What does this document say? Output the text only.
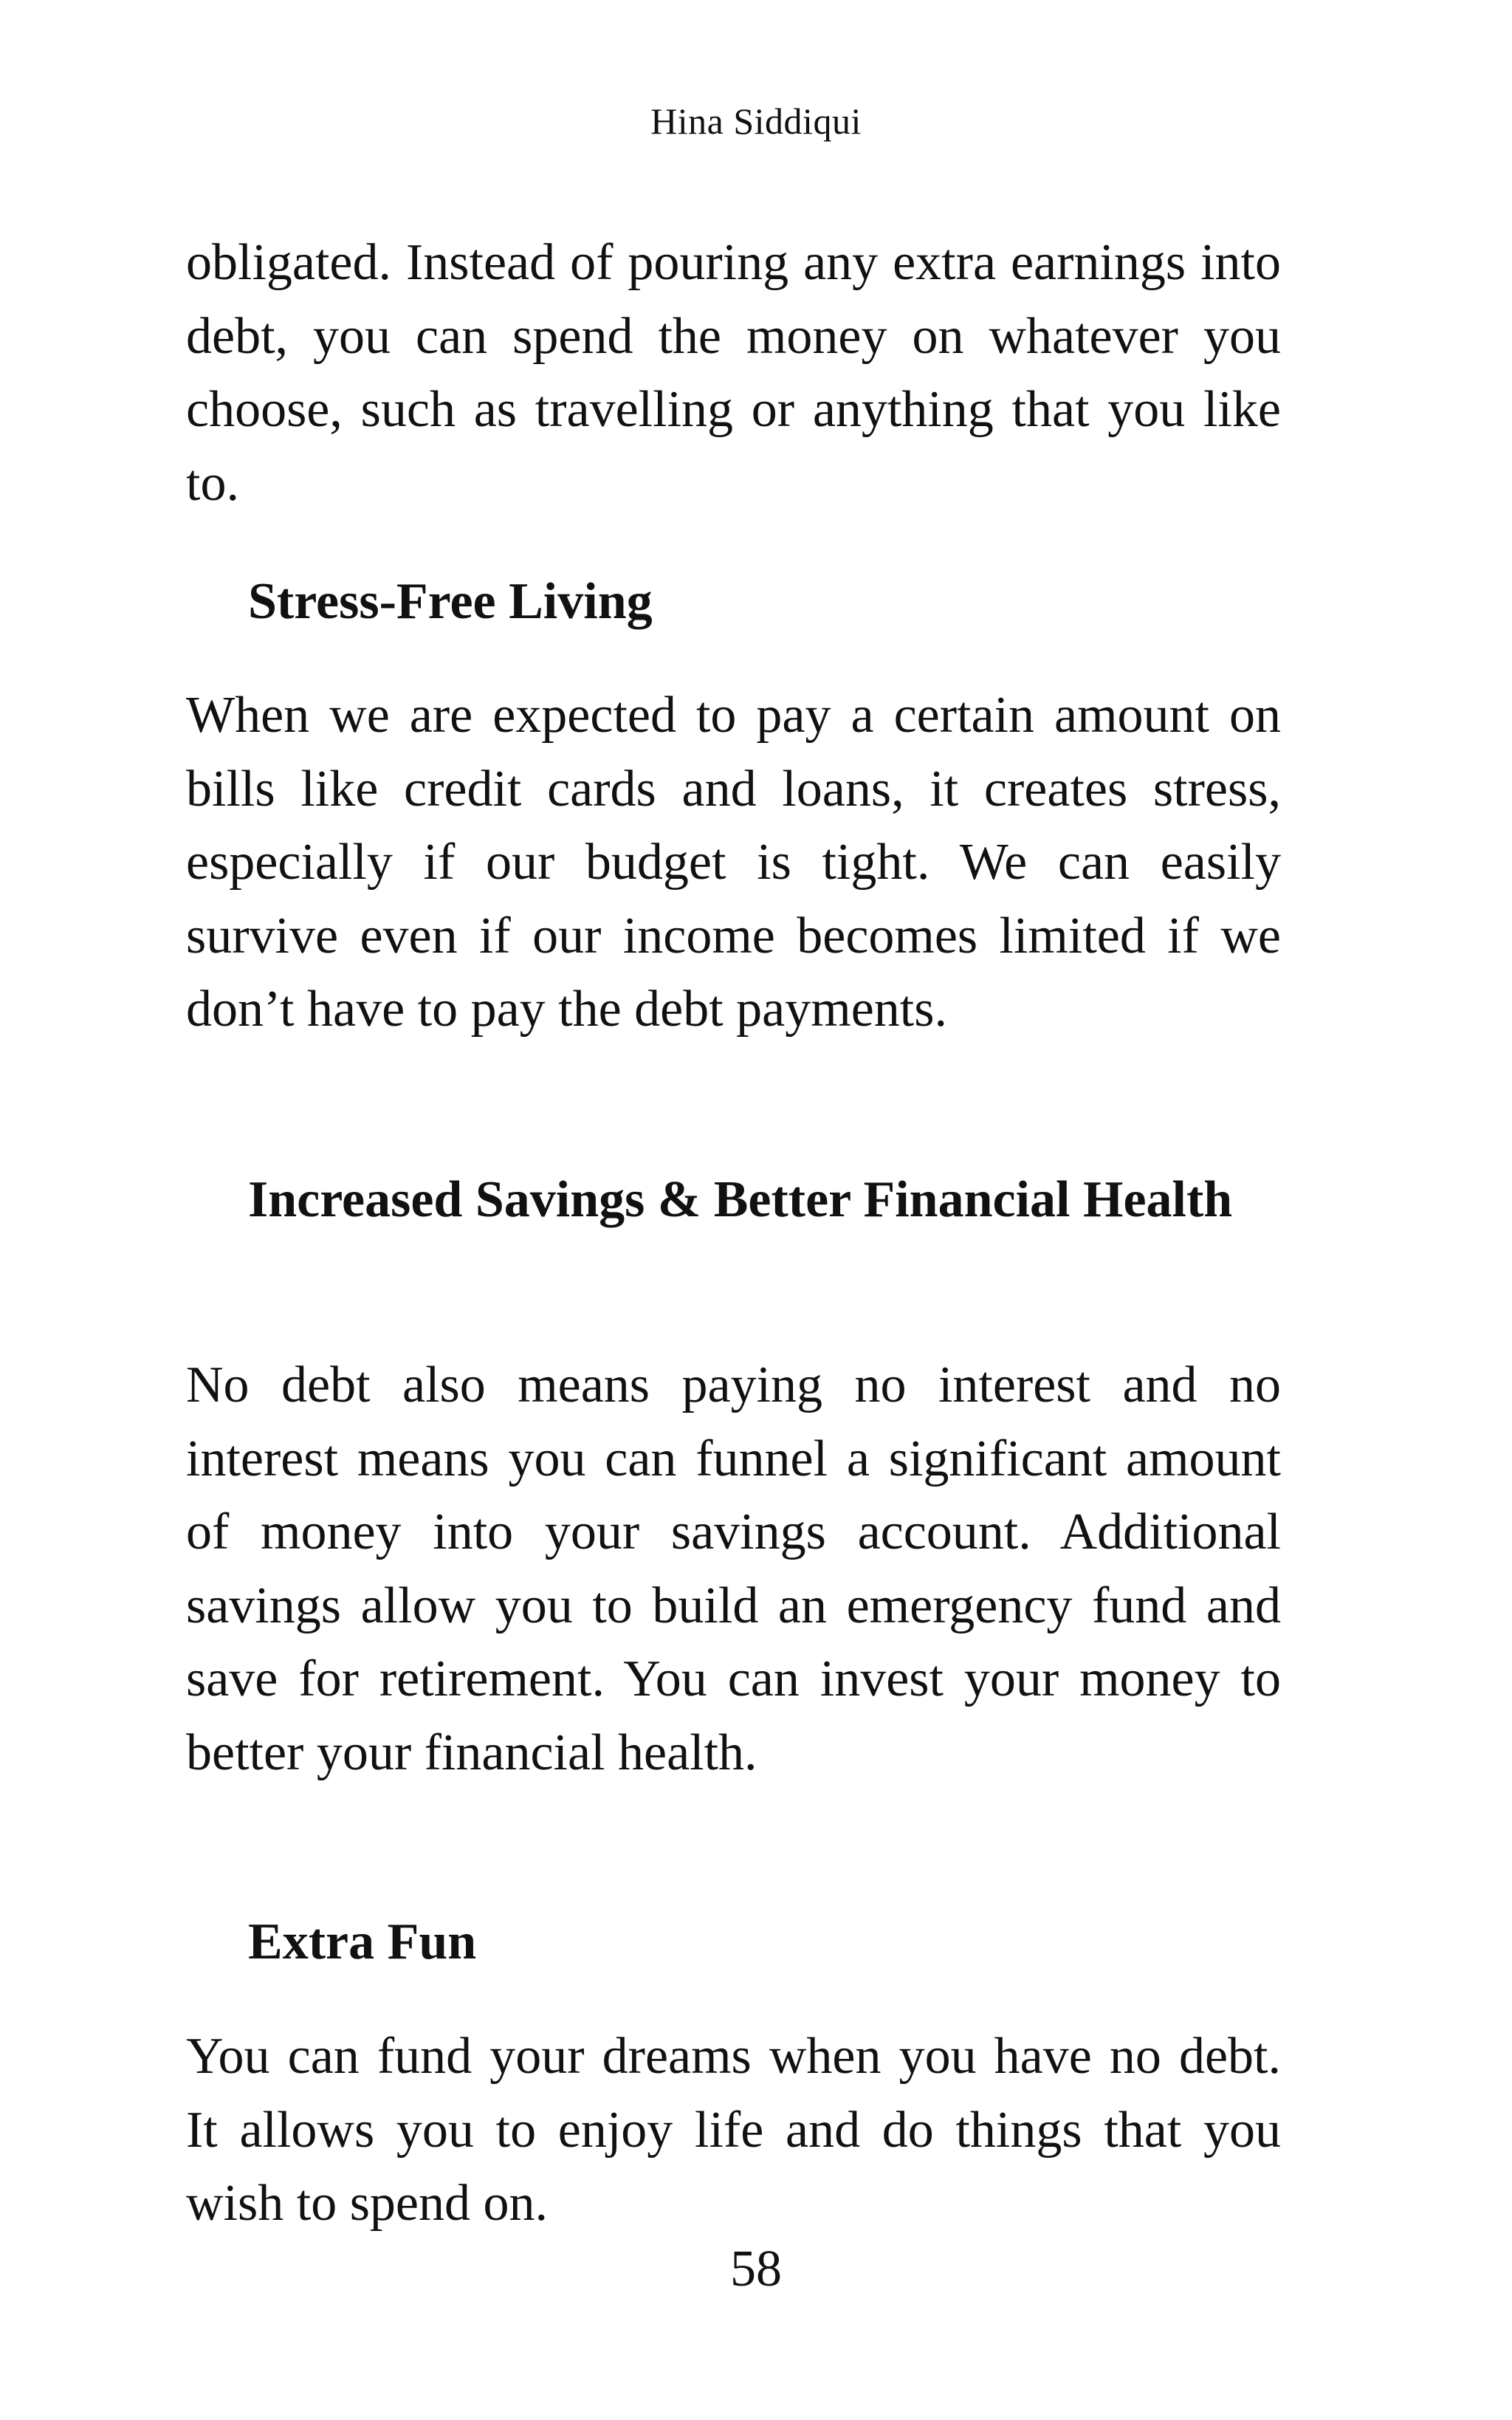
Hina Siddiqui

obligated. Instead of pouring any extra earnings into debt, you can spend the money on whatever you choose, such as travelling or anything that you like to.

Stress-Free Living

When we are expected to pay a certain amount on bills like credit cards and loans, it creates stress, especially if our budget is tight. We can easily survive even if our income becomes limited if we don’t have to pay the debt payments.

Increased Savings & Better Financial Health

No debt also means paying no interest and no interest means you can funnel a significant amount of money into your savings account. Additional savings allow you to build an emergency fund and save for retirement. You can invest your money to better your financial health.

Extra Fun

You can fund your dreams when you have no debt. It allows you to enjoy life and do things that you wish to spend on.

58
